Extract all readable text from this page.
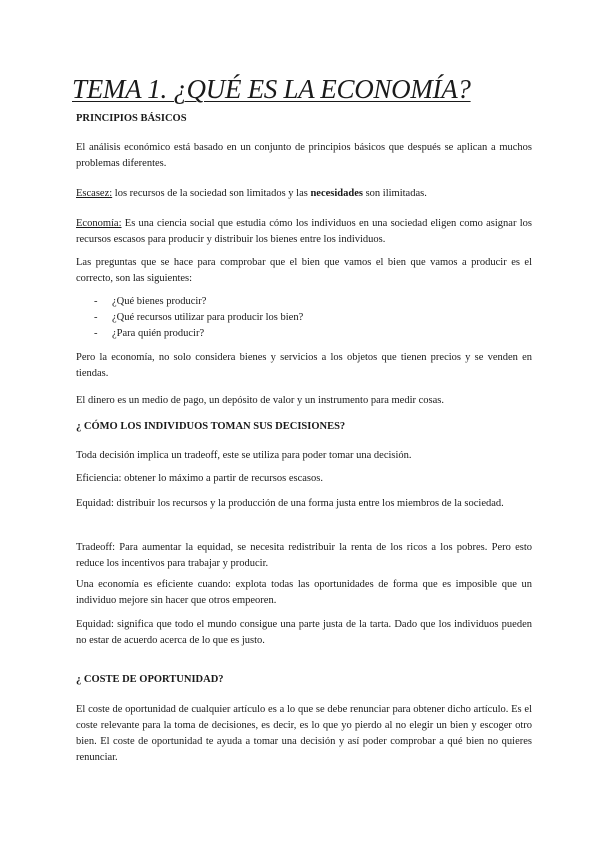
TEMA 1. ¿QUÉ ES LA ECONOMÍA?
PRINCIPIOS BÁSICOS

El análisis económico está basado en un conjunto de principios básicos que después se aplican a muchos problemas diferentes.

Escasez: los recursos de la sociedad son limitados y las necesidades son ilimitadas.

Economía: Es una ciencia social que estudia cómo los individuos en una sociedad eligen como asignar los recursos escasos para producir y distribuir los bienes entre los individuos.

Las preguntas que se hace para comprobar que el bien que vamos el bien que vamos a producir es el correcto, son las siguientes:

- ¿Qué bienes producir?
- ¿Qué recursos utilizar para producir los bien?
- ¿Para quién producir?

Pero la economía, no solo considera bienes y servicios a los objetos que tienen precios y se venden en tiendas.

El dinero es un medio de pago, un depósito de valor y un instrumento para medir cosas.

¿ CÓMO LOS INDIVIDUOS TOMAN SUS DECISIONES?

Toda decisión implica un tradeoff, este se utiliza para poder tomar una decisión.

Eficiencia: obtener lo máximo a partir de recursos escasos.

Equidad: distribuir los recursos y la producción de una forma justa entre los miembros de la sociedad.

Tradeoff: Para aumentar la equidad, se necesita redistribuir la renta de los ricos a los pobres. Pero esto reduce los incentivos para trabajar y producir.

Una economía es eficiente cuando: explota todas las oportunidades de forma que es imposible que un individuo mejore sin hacer que otros empeoren.

Equidad: significa que todo el mundo consigue una parte justa de la tarta. Dado que los individuos pueden no estar de acuerdo acerca de lo que es justo.

¿ COSTE DE OPORTUNIDAD?

El coste de oportunidad de cualquier artículo es a lo que se debe renunciar para obtener dicho artículo. Es el coste relevante para la toma de decisiones, es decir, es lo que yo pierdo al no elegir un bien y escoger otro bien. El coste de oportunidad te ayuda a tomar una decisión y así poder comprobar a qué bien no quieres renunciar.
